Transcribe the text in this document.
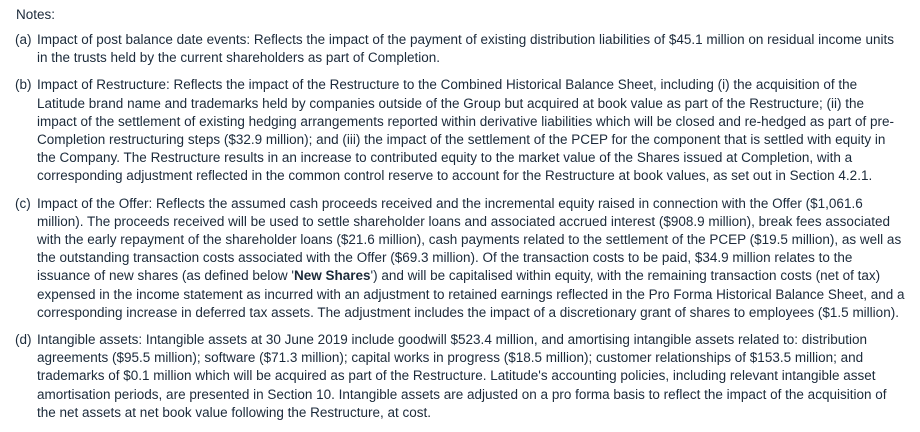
Notes:
(a) Impact of post balance date events: Reflects the impact of the payment of existing distribution liabilities of $45.1 million on residual income units in the trusts held by the current shareholders as part of Completion.
(b) Impact of Restructure: Reflects the impact of the Restructure to the Combined Historical Balance Sheet, including (i) the acquisition of the Latitude brand name and trademarks held by companies outside of the Group but acquired at book value as part of the Restructure; (ii) the impact of the settlement of existing hedging arrangements reported within derivative liabilities which will be closed and re-hedged as part of pre-Completion restructuring steps ($32.9 million); and (iii) the impact of the settlement of the PCEP for the component that is settled with equity in the Company. The Restructure results in an increase to contributed equity to the market value of the Shares issued at Completion, with a corresponding adjustment reflected in the common control reserve to account for the Restructure at book values, as set out in Section 4.2.1.
(c) Impact of the Offer: Reflects the assumed cash proceeds received and the incremental equity raised in connection with the Offer ($1,061.6 million). The proceeds received will be used to settle shareholder loans and associated accrued interest ($908.9 million), break fees associated with the early repayment of the shareholder loans ($21.6 million), cash payments related to the settlement of the PCEP ($19.5 million), as well as the outstanding transaction costs associated with the Offer ($69.3 million). Of the transaction costs to be paid, $34.9 million relates to the issuance of new shares (as defined below 'New Shares') and will be capitalised within equity, with the remaining transaction costs (net of tax) expensed in the income statement as incurred with an adjustment to retained earnings reflected in the Pro Forma Historical Balance Sheet, and a corresponding increase in deferred tax assets. The adjustment includes the impact of a discretionary grant of shares to employees ($1.5 million).
(d) Intangible assets: Intangible assets at 30 June 2019 include goodwill $523.4 million, and amortising intangible assets related to: distribution agreements ($95.5 million); software ($71.3 million); capital works in progress ($18.5 million); customer relationships of $153.5 million; and trademarks of $0.1 million which will be acquired as part of the Restructure. Latitude's accounting policies, including relevant intangible asset amortisation periods, are presented in Section 10. Intangible assets are adjusted on a pro forma basis to reflect the impact of the acquisition of the net assets at net book value following the Restructure, at cost.
